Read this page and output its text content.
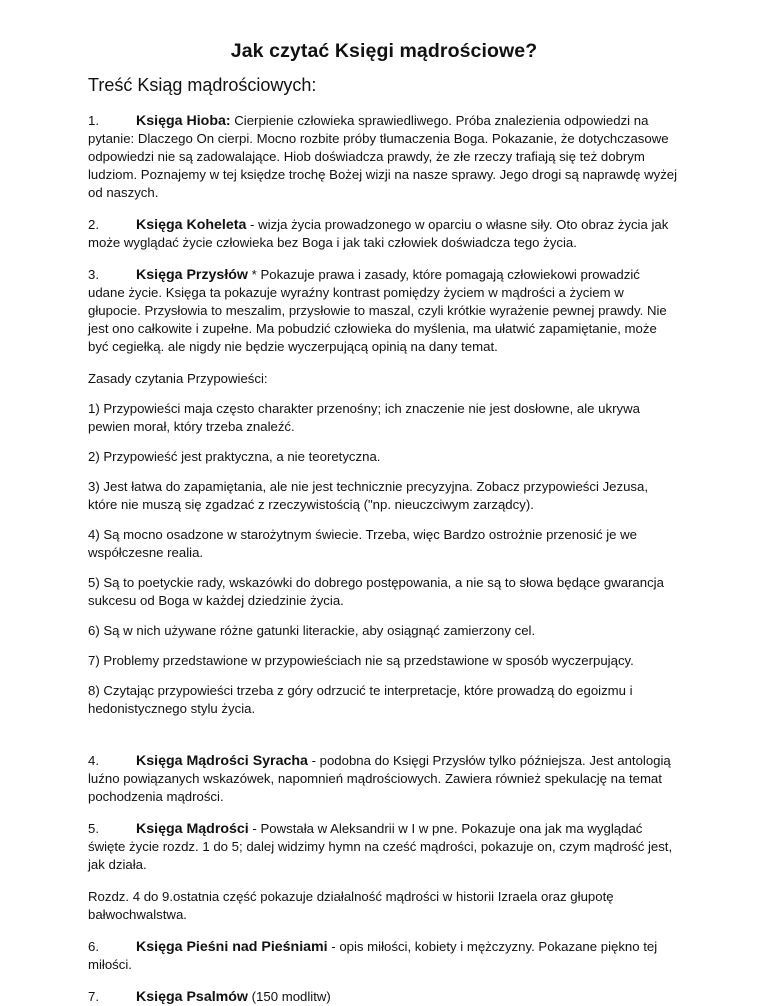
Jak czytać Księgi mądrościowe?
Treść Ksiąg mądrościowych:

1.	Księga Hioba: Cierpienie człowieka sprawiedliwego. Próba znalezienia odpowiedzi na pytanie: Dlaczego On cierpi. Mocno rozbite próby tłumaczenia Boga. Pokazanie, że dotychczasowe odpowiedzi nie są zadowalające. Hiob doświadcza prawdy, że złe rzeczy trafiają się też dobrym ludziom. Poznajemy w tej księdze trochę Bożej wizji na nasze sprawy. Jego drogi są naprawdę wyżej od naszych.

2.	Księga Koheleta - wizja życia prowadzonego w oparciu o własne siły. Oto obraz życia jak może wyglądać życie człowieka bez Boga i jak taki człowiek doświadcza tego życia.

3.	Księga Przysłów * Pokazuje prawa i zasady, które pomagają człowiekowi prowadzić udane życie. Księga ta pokazuje wyraźny kontrast pomiędzy życiem w mądrości a życiem w głupocie. Przysłowia to meszalim, przysłowie to maszal, czyli krótkie wyrażenie pewnej prawdy. Nie jest ono całkowite i zupełne. Ma pobudzić człowieka do myślenia, ma ułatwić zapamiętanie, może być cegiełką. ale nigdy nie będzie wyczerpującą opinią na dany temat.

Zasady czytania Przypowieści:

1) Przypowieści maja często charakter przenośny; ich znaczenie nie jest dosłowne, ale ukrywa pewien morał, który trzeba znaleźć.

2) Przypowieść jest praktyczna, a nie teoretyczna.

3) Jest łatwa do zapamiętania, ale nie jest technicznie precyzyjna. Zobacz przypowieści Jezusa, które nie muszą się zgadzać z rzeczywistością ("np. nieuczciwym zarządcy).

4) Są mocno osadzone w starożytnym świecie. Trzeba, więc Bardzo ostrożnie przenosić je we współczesne realia.

5) Są to poetyckie rady, wskazówki do dobrego postępowania, a nie są to słowa będące gwarancja sukcesu od Boga w każdej dziedzinie życia.

6) Są w nich używane różne gatunki literackie, aby osiągnąć zamierzony cel.

7) Problemy przedstawione w przypowieściach nie są przedstawione w sposób wyczerpujący.

8) Czytając przypowieści trzeba z góry odrzucić te interpretacje, które prowadzą do egoizmu i hedonistycznego stylu życia.

4.	Księga Mądrości Syracha - podobna do Księgi Przysłów tylko późniejsza. Jest antologią luźno powiązanych wskazówek, napomnień mądrościowych. Zawiera również spekulację na temat pochodzenia mądrości.

5.	Księga Mądrości - Powstała w Aleksandrii w I w pne. Pokazuje ona jak ma wyglądać święte życie rozdz. 1 do 5; dalej widzimy hymn na cześć mądrości, pokazuje on, czym mądrość jest, jak działa.

Rozdz. 4 do 9.ostatnia część pokazuje działalność mądrości w historii Izraela oraz głupotę bałwochwalstwa.

6.	Księga Pieśni nad Pieśniami - opis miłości, kobiety i mężczyzny. Pokazane piękno tej miłości.

7.	Księga Psalmów (150 modlitw)
